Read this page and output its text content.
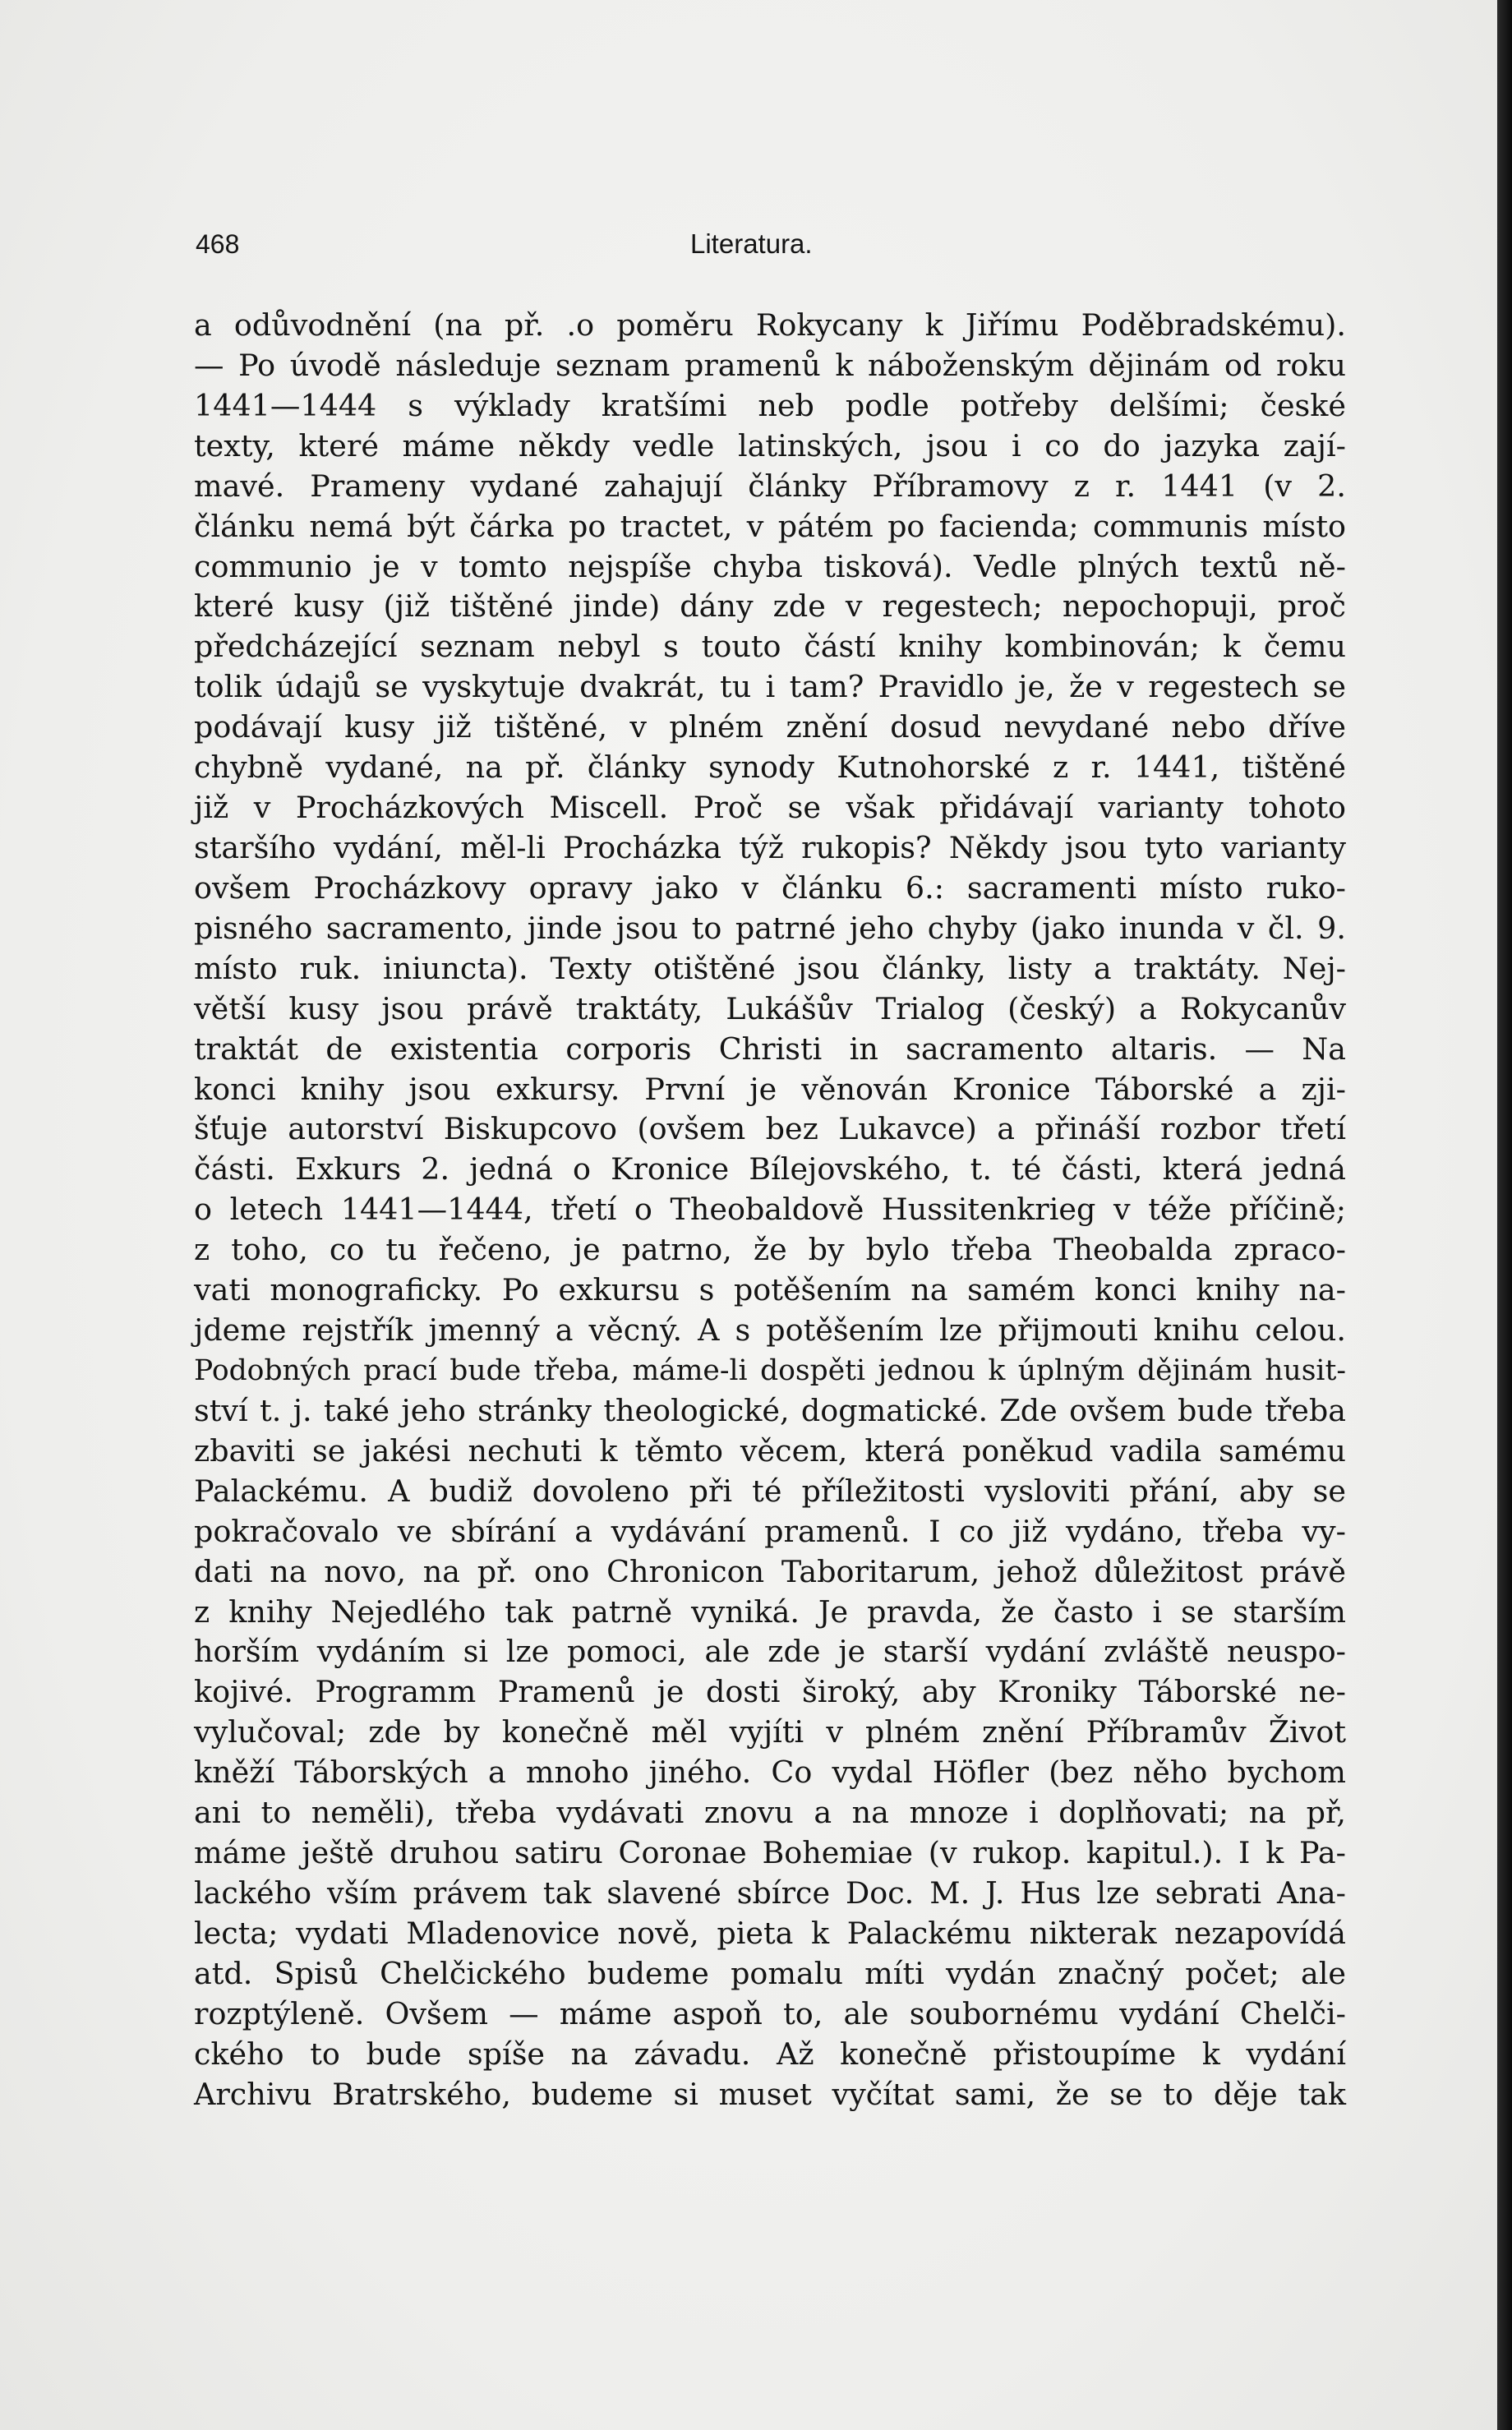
468	Literatura.
a odůvodnění (na př. .o poměru Rokycany k Jiřímu Poděbradskému).
— Po úvodě následuje seznam pramenů k náboženským dějinám od roku
1441—1444 s výklady kratšími neb podle potřeby delšími; české
texty, které máme někdy vedle latinských, jsou i co do jazyka zají-
mavé. Prameny vydané zahajují články Příbramovy z r. 1441 (v 2.
článku nemá být čárka po tractet, v pátém po facienda; communis místo
communio je v tomto nejspíše chyba tisková). Vedle plných textů ně-
které kusy (již tištěné jinde) dány zde v regestech; nepochopuji, proč
předcházející seznam nebyl s touto částí knihy kombinován; k čemu
tolik údajů se vyskytuje dvakrát, tu i tam? Pravidlo je, že v regestech se
podávají kusy již tištěné, v plném znění dosud nevydané nebo dříve
chybně vydané, na př. články synody Kutnohorské z r. 1441, tištěné
již v Procházkových Miscell. Proč se však přidávají varianty tohoto
staršího vydání, měl-li Procházka týž rukopis? Někdy jsou tyto varianty
ovšem Procházkovy opravy jako v článku 6.: sacramenti místo ruko-
pisného sacramento, jinde jsou to patrné jeho chyby (jako inunda v čl. 9.
místo ruk. iniuncta). Texty otištěné jsou články, listy a traktáty. Nej-
větší kusy jsou právě traktáty, Lukášův Trialog (český) a Rokycanův
traktát de existentia corporis Christi in sacramento altaris. — Na
konci knihy jsou exkursy. První je věnován Kronice Táborské a zji-
šťuje autorství Biskupcovo (ovšem bez Lukavce) a přináší rozbor třetí
části. Exkurs 2. jedná o Kronice Bílejovského, t. té části, která jedná
o letech 1441—1444, třetí o Theobaldově Hussitenkrieg v téže příčině;
z toho, co tu řečeno, je patrno, že by bylo třeba Theobalda zpraco-
vati monograficky. Po exkursu s potěšením na samém konci knihy na-
jdeme rejstřík jmenný a věcný. A s potěšením lze přijmouti knihu celou.
Podobných prací bude třeba, máme-li dospěti jednou k úplným dějinám husit-
ství t. j. také jeho stránky theologické, dogmatické. Zde ovšem bude třeba
zbaviti se jakési nechuti k těmto věcem, která poněkud vadila samému
Palackému. A budiž dovoleno při té příležitosti vysloviti přání, aby se
pokračovalo ve sbírání a vydávání pramenů. I co již vydáno, třeba vy-
dati na novo, na př. ono Chronicon Taboritarum, jehož důležitost právě
z knihy Nejedlého tak patrně vyniká. Je pravda, že často i se starším
horším vydáním si lze pomoci, ale zde je starší vydání zvláště neuspo-
kojivé. Programm Pramenů je dosti široký, aby Kroniky Táborské ne-
vylučoval; zde by konečně měl vyjíti v plném znění Příbramův Život
kněží Táborských a mnoho jiného. Co vydal Höfler (bez něho bychom
ani to neměli), třeba vydávati znovu a na mnoze i doplňovati; na př,
máme ještě druhou satiru Coronae Bohemiae (v rukop. kapitul.). I k Pa-
lackého vším právem tak slavené sbírce Doc. M. J. Hus lze sebrati Ana-
lecta; vydati Mladenovice nově, pieta k Palackému nikterak nezapovídá
atd. Spisů Chelčického budeme pomalu míti vydán značný počet; ale
rozptýleně. Ovšem — máme aspoň to, ale soubornému vydání Chelči-
ckého to bude spíše na závadu. Až konečně přistoupíme k vydání
Archivu Bratrského, budeme si muset vyčítat sami, že se to děje tak
